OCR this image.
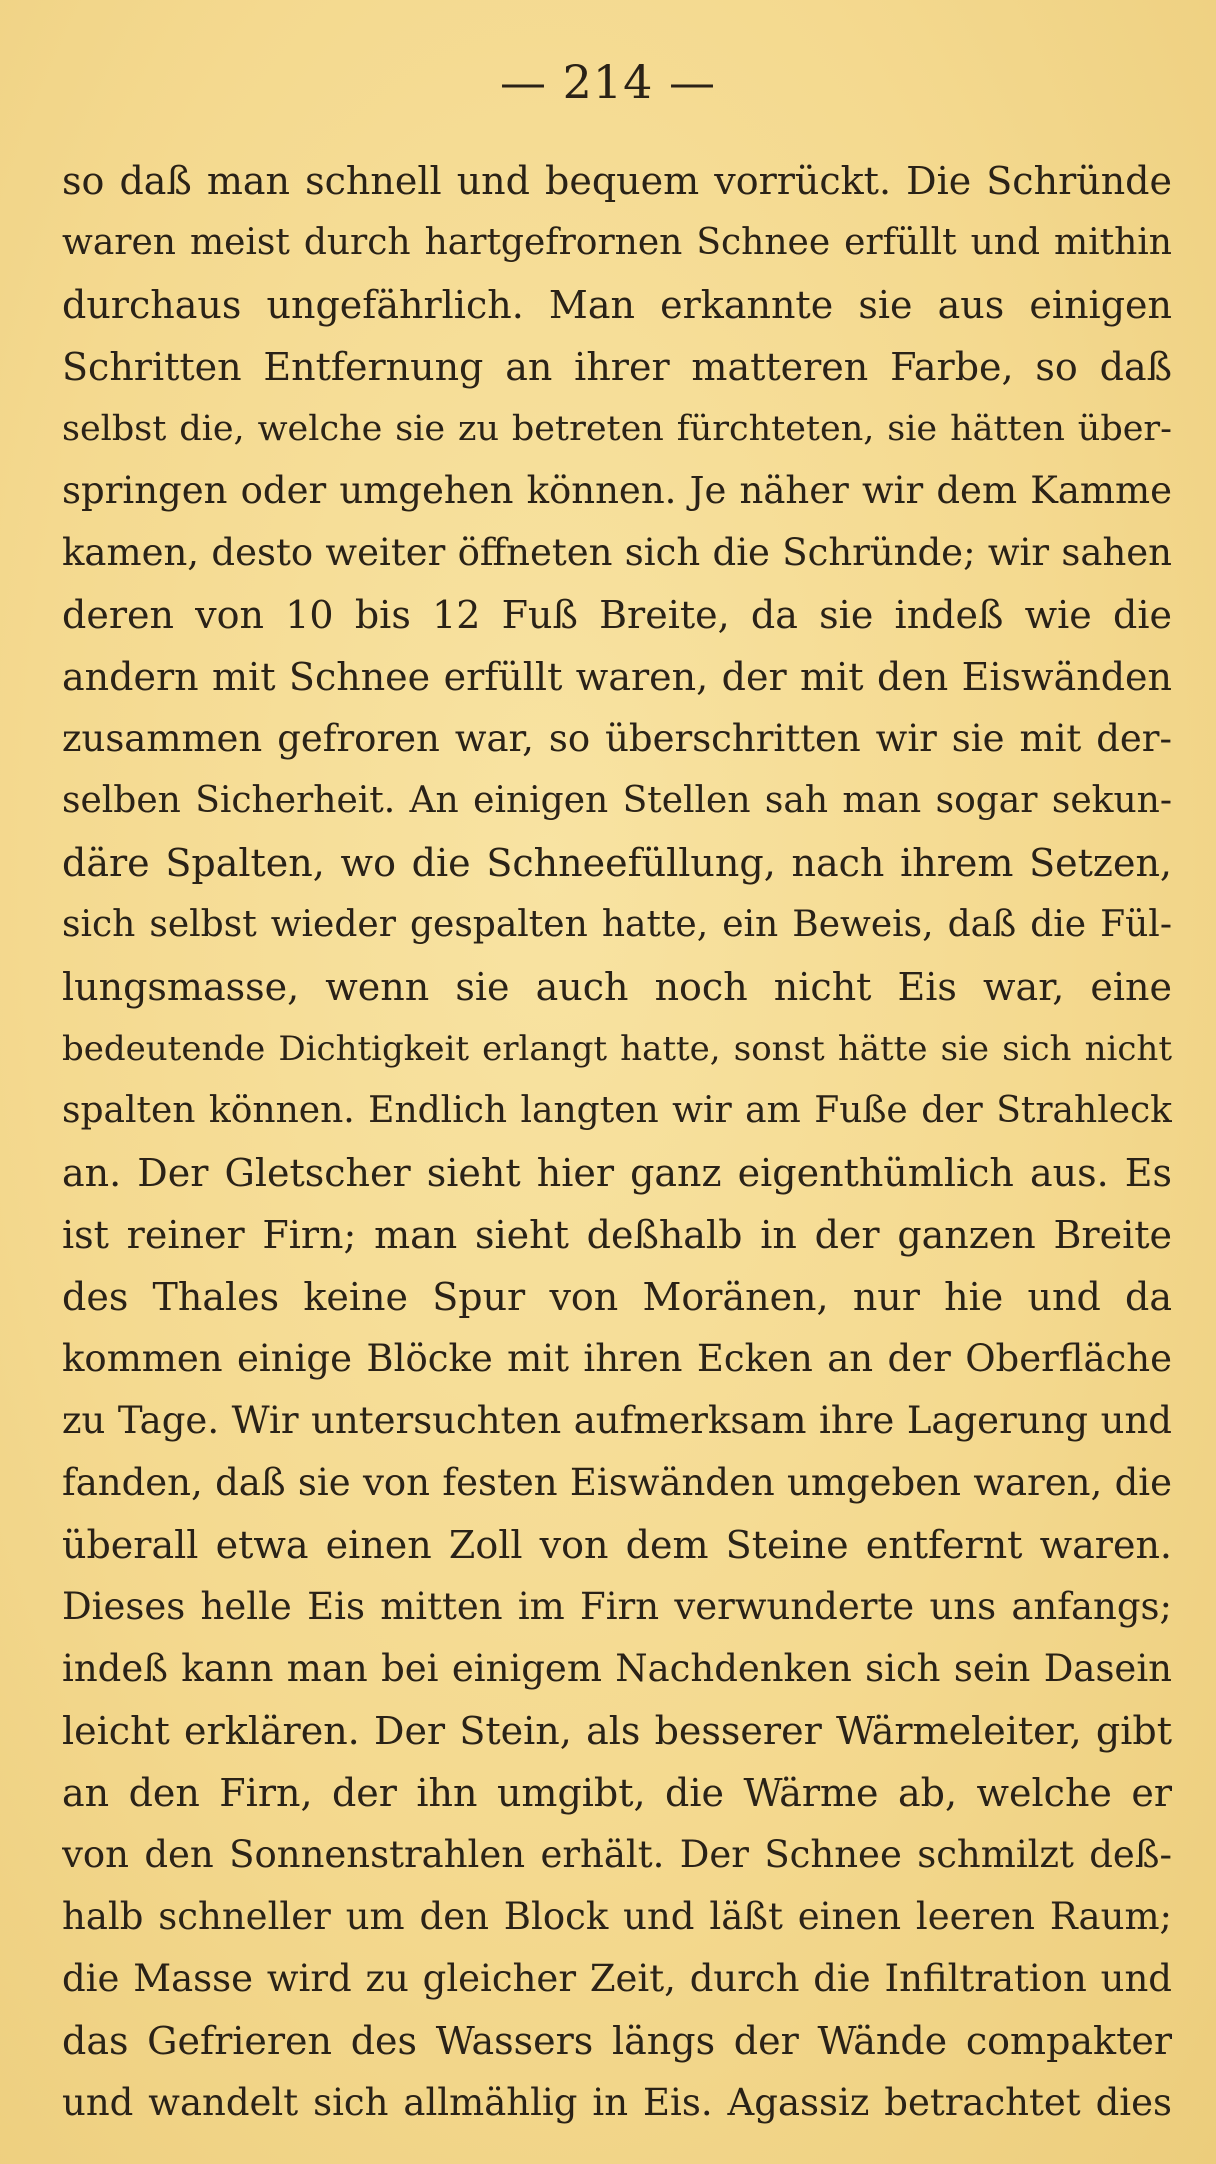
— 214 —
so daß man schnell und bequem vorrückt. Die Schründe
waren meist durch hartgefrornen Schnee erfüllt und mithin
durchaus ungefährlich. Man erkannte sie aus einigen
Schritten Entfernung an ihrer matteren Farbe, so daß
selbst die, welche sie zu betreten fürchteten, sie hätten über-
springen oder umgehen können. Je näher wir dem Kamme
kamen, desto weiter öffneten sich die Schründe; wir sahen
deren von 10 bis 12 Fuß Breite, da sie indeß wie die
andern mit Schnee erfüllt waren, der mit den Eiswänden
zusammen gefroren war, so überschritten wir sie mit der-
selben Sicherheit. An einigen Stellen sah man sogar sekun-
däre Spalten, wo die Schneefüllung, nach ihrem Setzen,
sich selbst wieder gespalten hatte, ein Beweis, daß die Fül-
lungsmasse, wenn sie auch noch nicht Eis war, eine
bedeutende Dichtigkeit erlangt hatte, sonst hätte sie sich nicht
spalten können. Endlich langten wir am Fuße der Strahleck
an. Der Gletscher sieht hier ganz eigenthümlich aus. Es
ist reiner Firn; man sieht deßhalb in der ganzen Breite
des Thales keine Spur von Moränen, nur hie und da
kommen einige Blöcke mit ihren Ecken an der Oberfläche
zu Tage. Wir untersuchten aufmerksam ihre Lagerung und
fanden, daß sie von festen Eiswänden umgeben waren, die
überall etwa einen Zoll von dem Steine entfernt waren.
Dieses helle Eis mitten im Firn verwunderte uns anfangs;
indeß kann man bei einigem Nachdenken sich sein Dasein
leicht erklären. Der Stein, als besserer Wärmeleiter, gibt
an den Firn, der ihn umgibt, die Wärme ab, welche er
von den Sonnenstrahlen erhält. Der Schnee schmilzt deß-
halb schneller um den Block und läßt einen leeren Raum;
die Masse wird zu gleicher Zeit, durch die Infiltration und
das Gefrieren des Wassers längs der Wände compakter
und wandelt sich allmählig in Eis. Agassiz betrachtet dies
